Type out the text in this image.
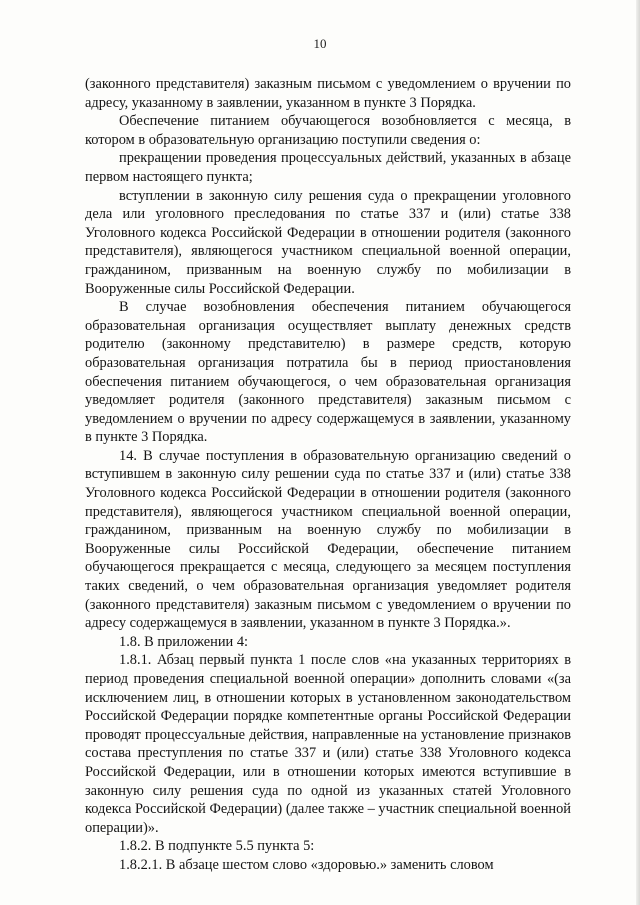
10

(законного представителя) заказным письмом с уведомлением о вручении по адресу, указанному в заявлении, указанном в пункте 3 Порядка.

Обеспечение питанием обучающегося возобновляется с месяца, в котором в образовательную организацию поступили сведения о:

прекращении проведения процессуальных действий, указанных в абзаце первом настоящего пункта;

вступлении в законную силу решения суда о прекращении уголовного дела или уголовного преследования по статье 337 и (или) статье 338 Уголовного кодекса Российской Федерации в отношении родителя (законного представителя), являющегося участником специальной военной операции, гражданином, призванным на военную службу по мобилизации в Вооруженные силы Российской Федерации.

В случае возобновления обеспечения питанием обучающегося образовательная организация осуществляет выплату денежных средств родителю (законному представителю) в размере средств, которую образовательная организация потратила бы в период приостановления обеспечения питанием обучающегося, о чем образовательная организация уведомляет родителя (законного представителя) заказным письмом с уведомлением о вручении по адресу содержащемуся в заявлении, указанному в пункте 3 Порядка.

14. В случае поступления в образовательную организацию сведений о вступившем в законную силу решении суда по статье 337 и (или) статье 338 Уголовного кодекса Российской Федерации в отношении родителя (законного представителя), являющегося участником специальной военной операции, гражданином, призванным на военную службу по мобилизации в Вооруженные силы Российской Федерации, обеспечение питанием обучающегося прекращается с месяца, следующего за месяцем поступления таких сведений, о чем образовательная организация уведомляет родителя (законного представителя) заказным письмом с уведомлением о вручении по адресу содержащемуся в заявлении, указанном в пункте 3 Порядка.».

1.8. В приложении 4:

1.8.1. Абзац первый пункта 1 после слов «на указанных территориях в период проведения специальной военной операции» дополнить словами «(за исключением лиц, в отношении которых в установленном законодательством Российской Федерации порядке компетентные органы Российской Федерации проводят процессуальные действия, направленные на установление признаков состава преступления по статье 337 и (или) статье 338 Уголовного кодекса Российской Федерации, или в отношении которых имеются вступившие в законную силу решения суда по одной из указанных статей Уголовного кодекса Российской Федерации) (далее также – участник специальной военной операции)».

1.8.2. В подпункте 5.5 пункта 5:

1.8.2.1. В абзаце шестом слово «здоровью.» заменить словом
